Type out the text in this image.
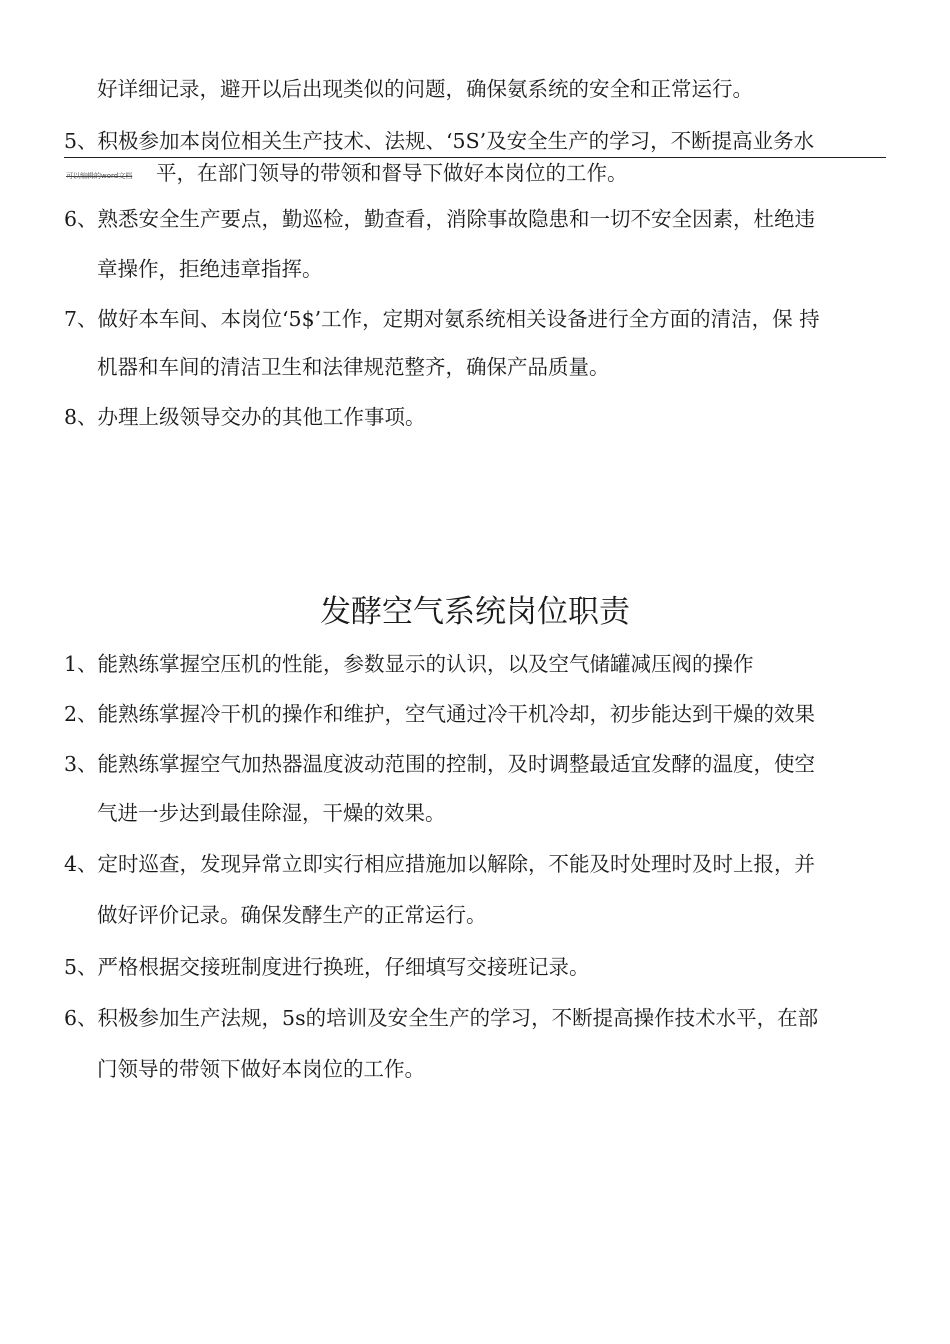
好详细记录，避开以后出现类似的问题，确保氨系统的安全和正常运行。
5、积极参加本岗位相关生产技术、法规、‘5S’及安全生产的学习，不断提高业务水
可以编辑的word文档 平，在部门领导的带领和督导下做好本岗位的工作。
6、熟悉安全生产要点，勤巡检，勤查看，消除事故隐患和一切不安全因素，杜绝违
章操作，拒绝违章指挥。
7、做好本车间、本岗位‘5$’工作，定期对氨系统相关设备进行全方面的清洁，保 持
机器和车间的清洁卫生和法律规范整齐，确保产品质量。
8、办理上级领导交办的其他工作事项。
发酵空气系统岗位职责
1、能熟练掌握空压机的性能，参数显示的认识，以及空气储罐减压阀的操作
2、能熟练掌握冷干机的操作和维护，空气通过冷干机冷却，初步能达到干燥的效果
3、能熟练掌握空气加热器温度波动范围的控制，及时调整最适宜发酵的温度，使空
气进一步达到最佳除湿，干燥的效果。
4、定时巡查，发现异常立即实行相应措施加以解除，不能及时处理时及时上报，并
做好评价记录。确保发酵生产的正常运行。
5、严格根据交接班制度进行换班，仔细填写交接班记录。
6、积极参加生产法规，5s的培训及安全生产的学习，不断提高操作技术水平，在部
门领导的带领下做好本岗位的工作。
